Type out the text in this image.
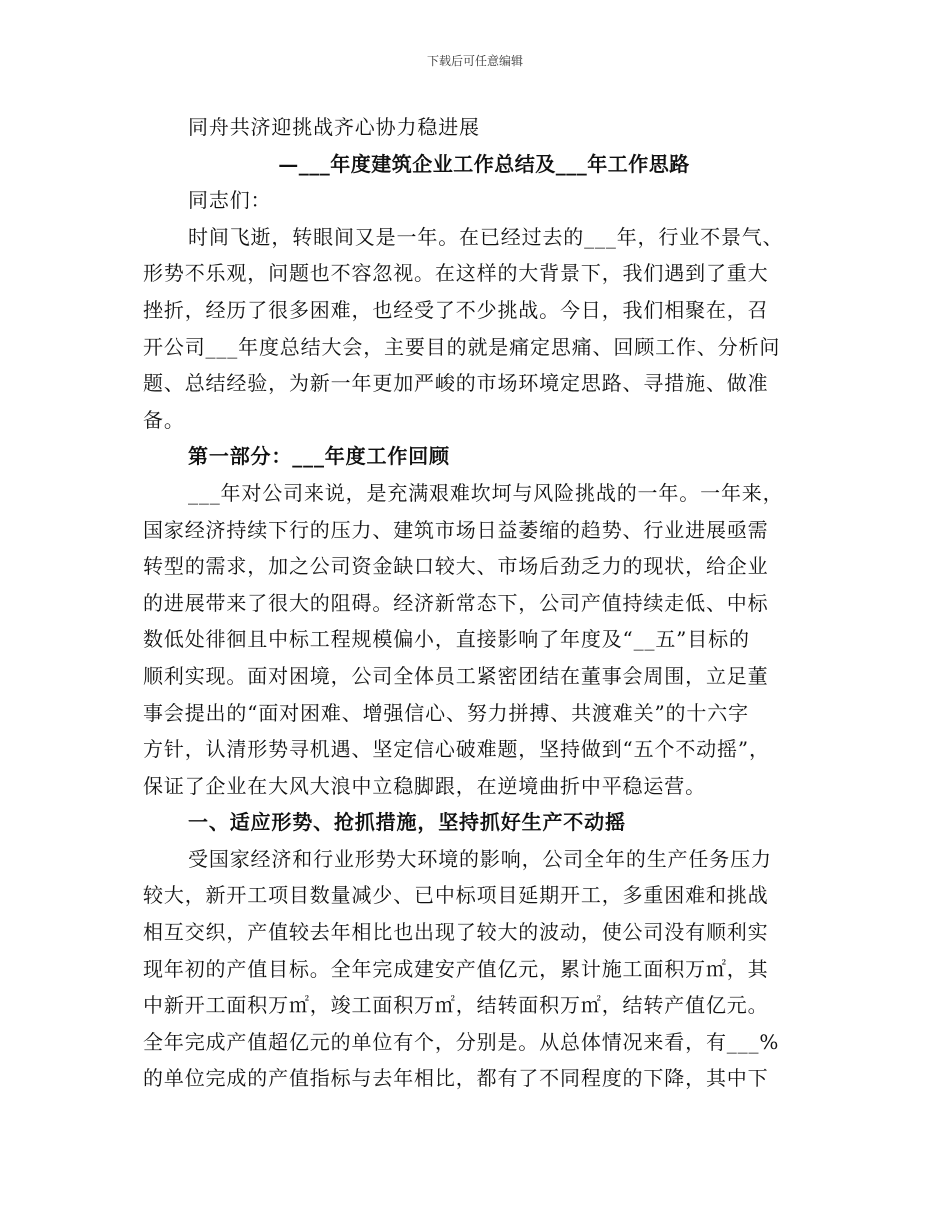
下载后可任意编辑
同舟共济迎挑战齐心协力稳进展
—___年度建筑企业工作总结及___年工作思路
同志们：
时间飞逝，转眼间又是一年。在已经过去的___年，行业不景气、
形势不乐观，问题也不容忽视。在这样的大背景下，我们遇到了重大
挫折，经历了很多困难，也经受了不少挑战。今日，我们相聚在，召
开公司___年度总结大会，主要目的就是痛定思痛、回顾工作、分析问
题、总结经验，为新一年更加严峻的市场环境定思路、寻措施、做准
备。
第一部分：___年度工作回顾
___年对公司来说，是充满艰难坎坷与风险挑战的一年。一年来，
国家经济持续下行的压力、建筑市场日益萎缩的趋势、行业进展亟需
转型的需求，加之公司资金缺口较大、市场后劲乏力的现状，给企业
的进展带来了很大的阻碍。经济新常态下，公司产值持续走低、中标
数低处徘徊且中标工程规模偏小，直接影响了年度及“__五”目标的
顺利实现。面对困境，公司全体员工紧密团结在董事会周围，立足董
事会提出的“面对困难、增强信心、努力拼搏、共渡难关”的十六字
方针，认清形势寻机遇、坚定信心破难题，坚持做到“五个不动摇”，
保证了企业在大风大浪中立稳脚跟，在逆境曲折中平稳运营。
一、适应形势、抢抓措施，坚持抓好生产不动摇
受国家经济和行业形势大环境的影响，公司全年的生产任务压力
较大，新开工项目数量减少、已中标项目延期开工，多重困难和挑战
相互交织，产值较去年相比也出现了较大的波动，使公司没有顺利实
现年初的产值目标。全年完成建安产值亿元，累计施工面积万㎡，其
中新开工面积万㎡，竣工面积万㎡，结转面积万㎡，结转产值亿元。
全年完成产值超亿元的单位有个，分别是。从总体情况来看，有___%
的单位完成的产值指标与去年相比，都有了不同程度的下降，其中下
